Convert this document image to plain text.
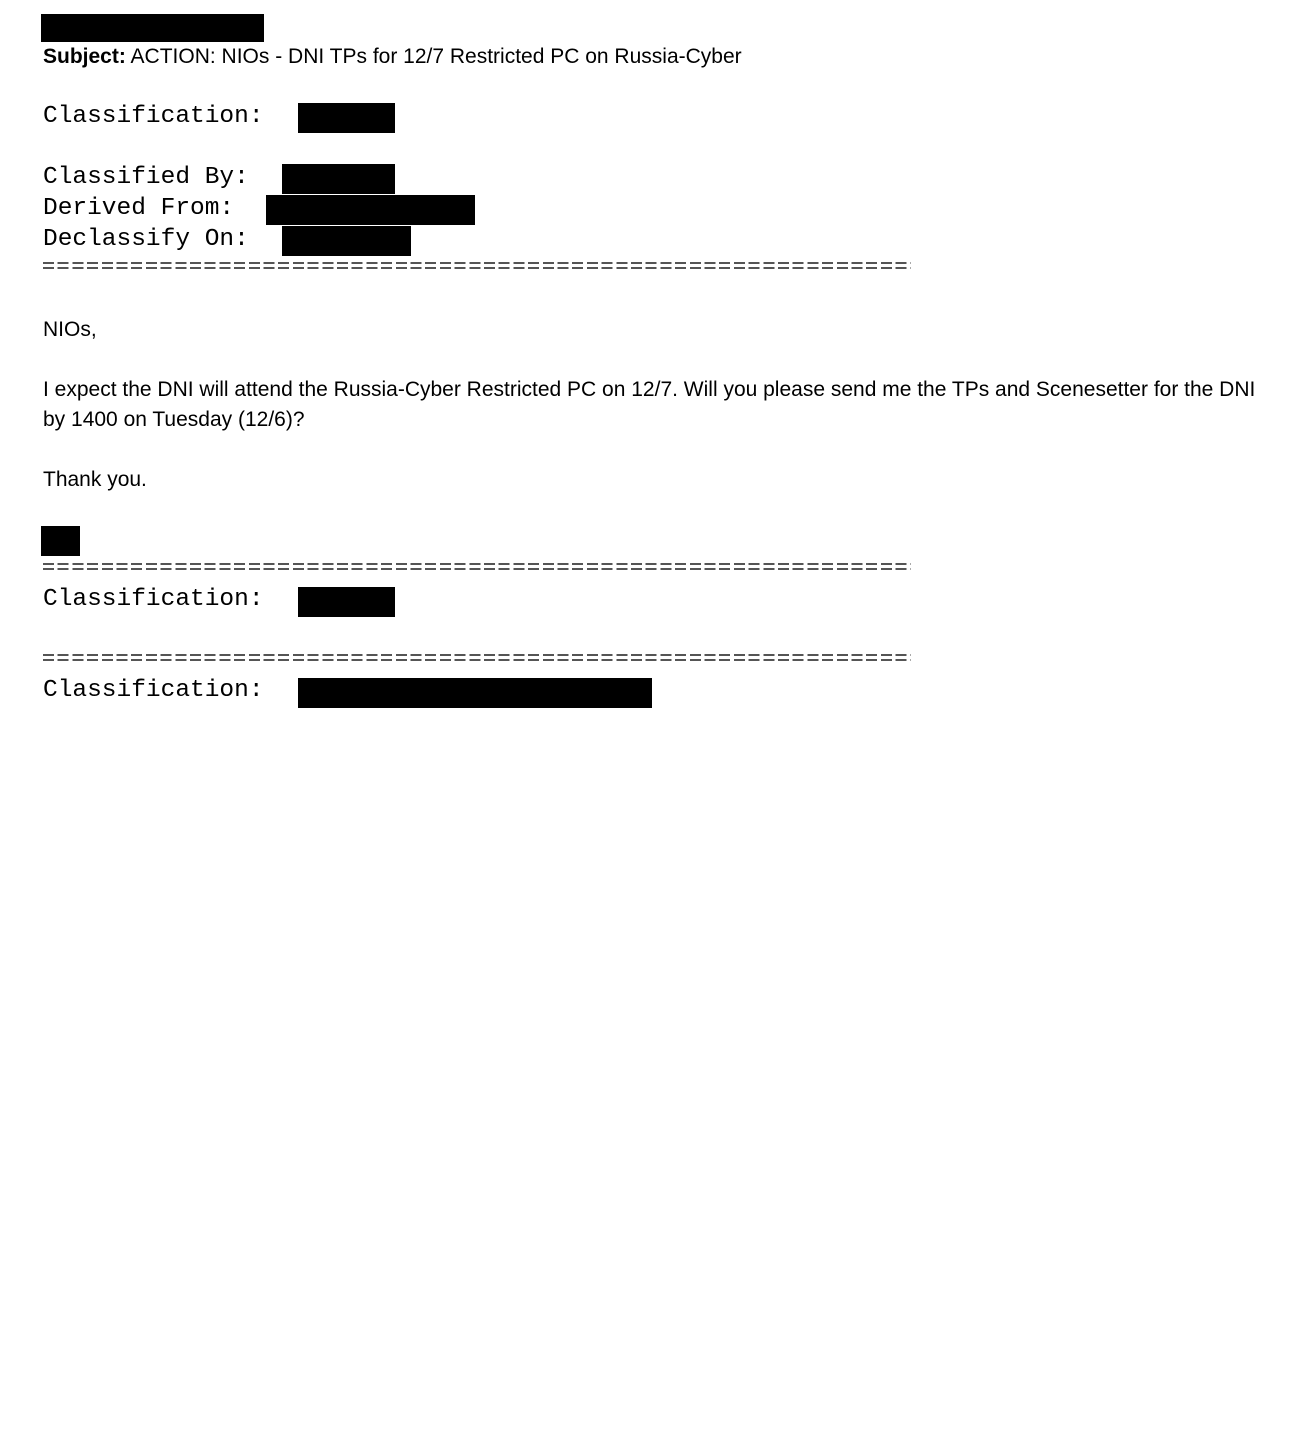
Subject: ACTION: NIOs - DNI TPs for 12/7 Restricted PC on Russia-Cyber
Classification:
Classified By:
Derived From:
Declassify On:
NIOs,
I expect the DNI will attend the Russia-Cyber Restricted PC on 12/7. Will you please send me the TPs and Scenesetter for the DNI by 1400 on Tuesday (12/6)?
Thank you.
Classification:
Classification:
